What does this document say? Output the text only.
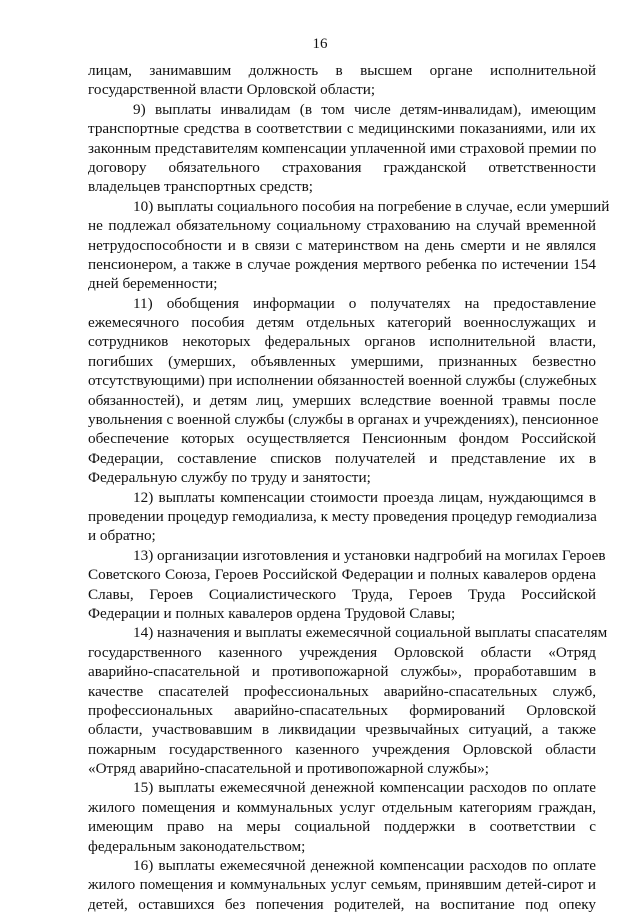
16
лицам, занимавшим должность в высшем органе исполнительной
государственной власти Орловской области;
9) выплаты инвалидам (в том числе детям-инвалидам), имеющим
транспортные средства в соответствии с медицинскими показаниями, или их
законным представителям компенсации уплаченной ими страховой премии по
договору обязательного страхования гражданской ответственности
владельцев транспортных средств;
10) выплаты социального пособия на погребение в случае, если умерший
не подлежал обязательному социальному страхованию на случай временной
нетрудоспособности и в связи с материнством на день смерти и не являлся
пенсионером, а также в случае рождения мертвого ребенка по истечении 154
дней беременности;
11) обобщения информации о получателях на предоставление
ежемесячного пособия детям отдельных категорий военнослужащих и
сотрудников некоторых федеральных органов исполнительной власти,
погибших (умерших, объявленных умершими, признанных безвестно
отсутствующими) при исполнении обязанностей военной службы (служебных
обязанностей), и детям лиц, умерших вследствие военной травмы после
увольнения с военной службы (службы в органах и учреждениях), пенсионное
обеспечение которых осуществляется Пенсионным фондом Российской
Федерации, составление списков получателей и представление их в
Федеральную службу по труду и занятости;
12) выплаты компенсации стоимости проезда лицам, нуждающимся в
проведении процедур гемодиализа, к месту проведения процедур гемодиализа
и обратно;
13) организации изготовления и установки надгробий на могилах Героев
Советского Союза, Героев Российской Федерации и полных кавалеров ордена
Славы, Героев Социалистического Труда, Героев Труда Российской
Федерации и полных кавалеров ордена Трудовой Славы;
14) назначения и выплаты ежемесячной социальной выплаты спасателям
государственного казенного учреждения Орловской области «Отряд
аварийно-спасательной и противопожарной службы», проработавшим в
качестве спасателей профессиональных аварийно-спасательных служб,
профессиональных аварийно-спасательных формирований Орловской
области, участвовавшим в ликвидации чрезвычайных ситуаций, а также
пожарным государственного казенного учреждения Орловской области
«Отряд аварийно-спасательной и противопожарной службы»;
15) выплаты ежемесячной денежной компенсации расходов по оплате
жилого помещения и коммунальных услуг отдельным категориям граждан,
имеющим право на меры социальной поддержки в соответствии с
федеральным законодательством;
16) выплаты ежемесячной денежной компенсации расходов по оплате
жилого помещения и коммунальных услуг семьям, принявшим детей-сирот и
детей, оставшихся без попечения родителей, на воспитание под опеку
